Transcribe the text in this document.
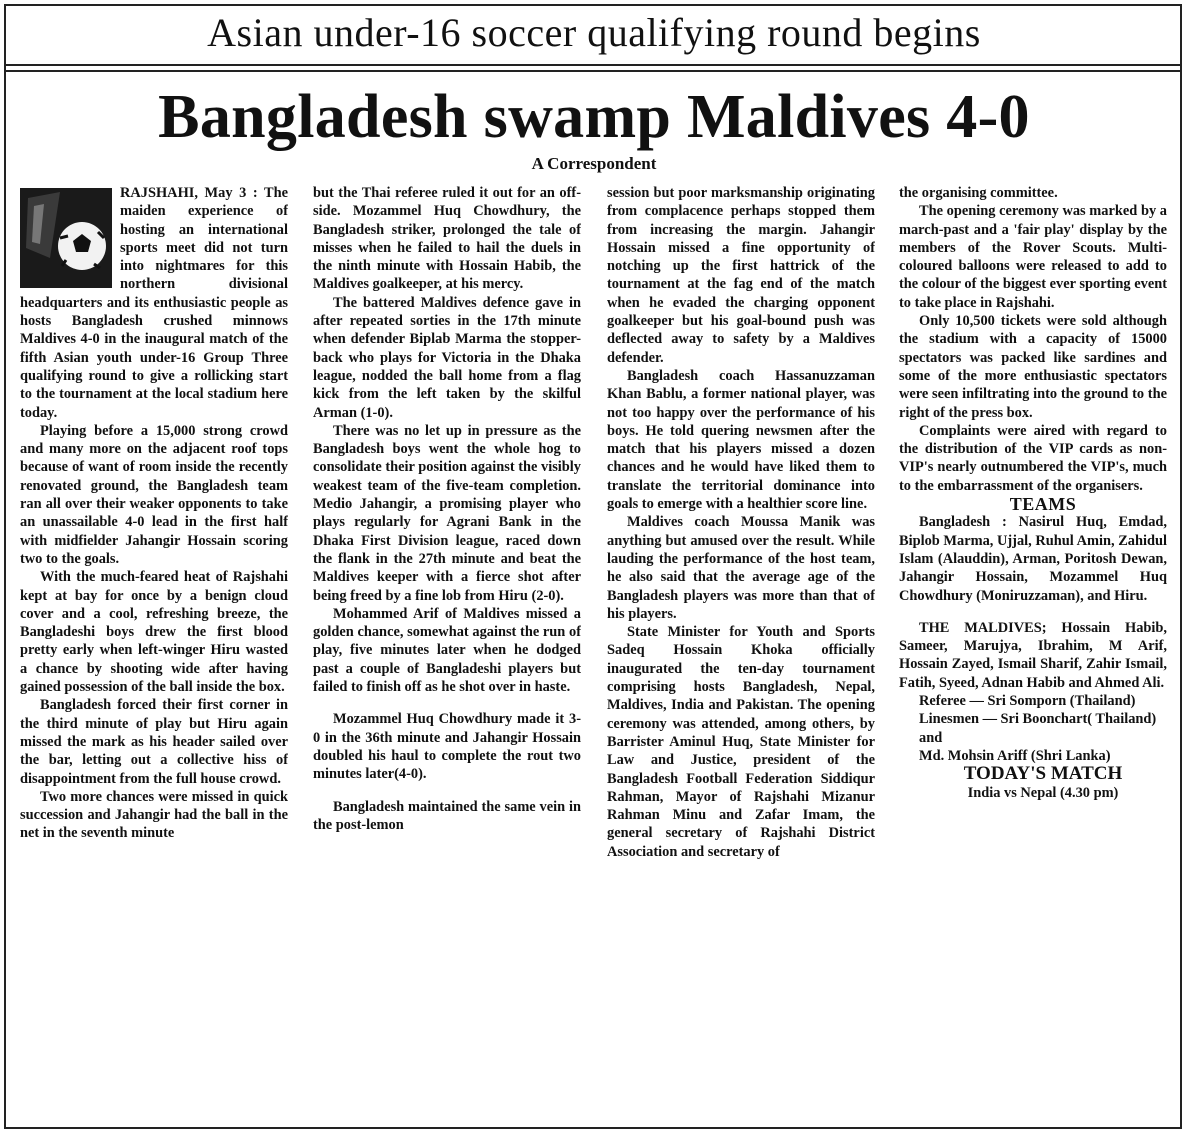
Asian under-16 soccer qualifying round begins
Bangladesh swamp Maldives 4-0
A Correspondent

RAJSHAHI, May 3 : The maiden experience of hosting an international sports meet did not turn into nightmares for this northern divisional headquarters and its enthusiastic people as hosts Bangladesh crushed minnows Maldives 4-0 in the inaugural match of the fifth Asian youth under-16 Group Three qualifying round to give a rollicking start to the tournament at the local stadium here today.

Playing before a 15,000 strong crowd and many more on the adjacent roof tops because of want of room inside the recently renovated ground, the Bangladesh team ran all over their weaker opponents to take an unassailable 4-0 lead in the first half with midfielder Jahangir Hossain scoring two to the goals.

With the much-feared heat of Rajshahi kept at bay for once by a benign cloud cover and a cool, refreshing breeze, the Bangladeshi boys drew the first blood pretty early when left-winger Hiru wasted a chance by shooting wide after having gained possession of the ball inside the box.

Bangladesh forced their first corner in the third minute of play but Hiru again missed the mark as his header sailed over the bar, letting out a collective hiss of disappointment from the full house crowd.

Two more chances were missed in quick succession and Jahangir had the ball in the net in the seventh minute

but the Thai referee ruled it out for an off-side. Mozammel Huq Chowdhury, the Bangladesh striker, prolonged the tale of misses when he failed to hail the duels in the ninth minute with Hossain Habib, the Maldives goalkeeper, at his mercy.

The battered Maldives defence gave in after repeated sorties in the 17th minute when defender Biplab Marma the stopper-back who plays for Victoria in the Dhaka league, nodded the ball home from a flag kick from the left taken by the skilful Arman (1-0).

There was no let up in pressure as the Bangladesh boys went the whole hog to consolidate their position against the visibly weakest team of the five-team completion. Medio Jahangir, a promising player who plays regularly for Agrani Bank in the Dhaka First Division league, raced down the flank in the 27th minute and beat the Maldives keeper with a fierce shot after being freed by a fine lob from Hiru (2-0).

Mohammed Arif of Maldives missed a golden chance, somewhat against the run of play, five minutes later when he dodged past a couple of Bangladeshi players but failed to finish off as he shot over in haste.

Mozammel Huq Chowdhury made it 3-0 in the 36th minute and Jahangir Hossain doubled his haul to complete the rout two minutes later(4-0).

Bangladesh maintained the same vein in the post-lemon

session but poor marksmanship originating from complacence perhaps stopped them from increasing the margin. Jahangir Hossain missed a fine opportunity of notching up the first hattrick of the tournament at the fag end of the match when he evaded the charging opponent goalkeeper but his goal-bound push was deflected away to safety by a Maldives defender.

Bangladesh coach Hassanuzzaman Khan Bablu, a former national player, was not too happy over the performance of his boys. He told quering newsmen after the match that his players missed a dozen chances and he would have liked them to translate the territorial dominance into goals to emerge with a healthier score line.

Maldives coach Moussa Manik was anything but amused over the result. While lauding the performance of the host team, he also said that the average age of the Bangladesh players was more than that of his players.

State Minister for Youth and Sports Sadeq Hossain Khoka officially inaugurated the ten-day tournament comprising hosts Bangladesh, Nepal, Maldives, India and Pakistan. The opening ceremony was attended, among others, by Barrister Aminul Huq, State Minister for Law and Justice, president of the Bangladesh Football Federation Siddiqur Rahman, Mayor of Rajshahi Mizanur Rahman Minu and Zafar Imam, the general secretary of Rajshahi District Association and secretary of

the organising committee.

The opening ceremony was marked by a march-past and a 'fair play' display by the members of the Rover Scouts. Multi-coloured balloons were released to add to the colour of the biggest ever sporting event to take place in Rajshahi.

Only 10,500 tickets were sold although the stadium with a capacity of 15000 spectators was packed like sardines and some of the more enthusiastic spectators were seen infiltrating into the ground to the right of the press box.

Complaints were aired with regard to the distribution of the VIP cards as non-VIP's nearly outnumbered the VIP's, much to the embarrassment of the organisers.

TEAMS

Bangladesh : Nasirul Huq, Emdad, Biplob Marma, Ujjal, Ruhul Amin, Zahidul Islam (Alauddin), Arman, Poritosh Dewan, Jahangir Hossain, Mozammel Huq Chowdhury (Moniruzzaman), and Hiru.

THE MALDIVES; Hossain Habib, Sameer, Marujya, Ibrahim, M Arif, Hossain Zayed, Ismail Sharif, Zahir Ismail, Fatih, Syeed, Adnan Habib and Ahmed Ali.

Referee — Sri Somporn (Thailand)

Linesmen — Sri Boonchart( Thailand)

and

Md. Mohsin Ariff (Shri Lanka)

TODAY'S MATCH

India vs Nepal (4.30 pm)
